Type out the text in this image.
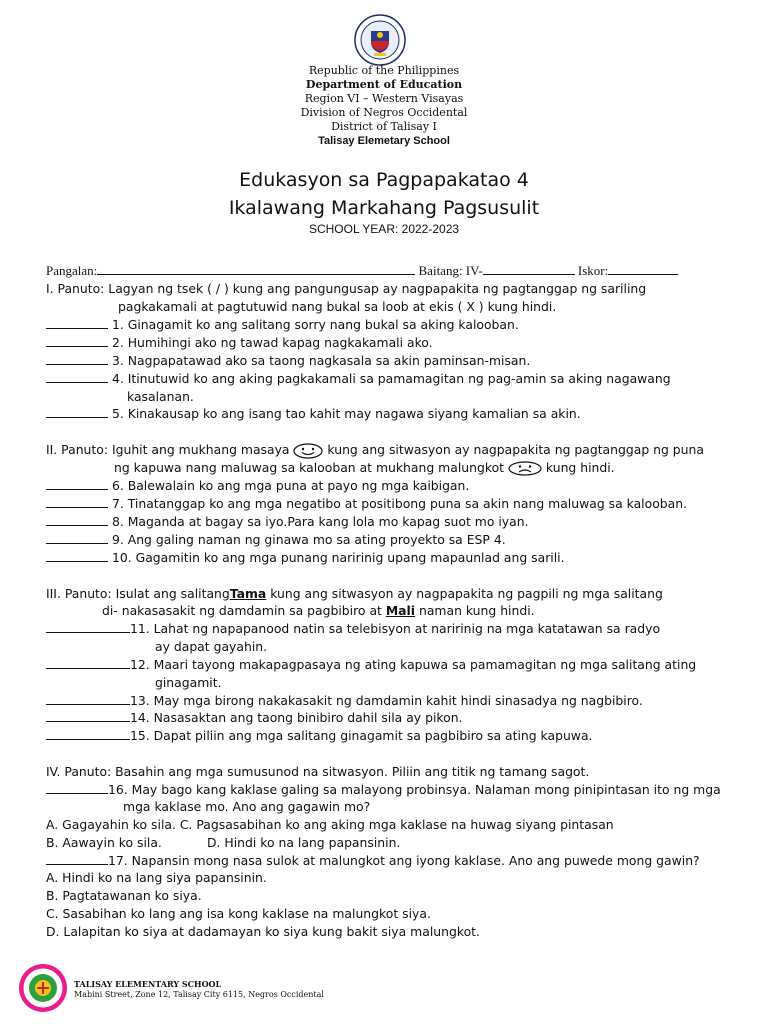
Republic of the Philippines
Department of Education
Region VI – Western Visayas
Division of Negros Occidental
District of Talisay I
Talisay Elemetary School
Edukasyon sa Pagpapakatao 4
Ikalawang Markahang Pagsusulit
SCHOOL YEAR: 2022-2023
Pangalan:	Baitang: IV-	Iskor:
I. Panuto: Lagyan ng tsek ( / ) kung ang pangungusap ay nagpapakita ng pagtanggap ng sariling
pagkakamali at pagtutuwid nang bukal sa loob at ekis ( X ) kung hindi.
1. Ginagamit ko ang salitang sorry nang bukal sa aking kalooban.
2. Humihingi ako ng tawad kapag nagkakamali ako.
3. Nagpapatawad ako sa taong nagkasala sa akin paminsan-misan.
4. Itinutuwid ko ang aking pagkakamali sa pamamagitan ng pag-amin sa aking nagawang
kasalanan.
5. Kinakausap ko ang isang tao kahit may nagawa siyang kamalian sa akin.
II. Panuto: Iguhit ang mukhang masaya	kung ang sitwasyon ay nagpapakita ng pagtanggap ng puna
ng kapuwa nang maluwag sa kalooban at mukhang malungkot	kung hindi.
6. Balewalain ko ang mga puna at payo ng mga kaibigan.
7. Tinatanggap ko ang mga negatibo at positibong puna sa akin nang maluwag sa kalooban.
8. Maganda at bagay sa iyo.Para kang lola mo kapag suot mo iyan.
9. Ang galing naman ng ginawa mo sa ating proyekto sa ESP 4.
10. Gagamitin ko ang mga punang naririnig upang mapaunlad ang sarili.
III. Panuto: Isulat ang salitangTama kung ang sitwasyon ay nagpapakita ng pagpili ng mga salitang
di- nakasasakit ng damdamin sa pagbibiro at Mali naman kung hindi.
11. Lahat ng napapanood natin sa telebisyon at naririnig na mga katatawan sa radyo
ay dapat gayahin.
12. Maari tayong makapagpasaya ng ating kapuwa sa pamamagitan ng mga salitang ating
ginagamit.
13. May mga birong nakakasakit ng damdamin kahit hindi sinasadya ng nagbibiro.
14. Nasasaktan ang taong binibiro dahil sila ay pikon.
15. Dapat piliin ang mga salitang ginagamit sa pagbibiro sa ating kapuwa.
IV. Panuto: Basahin ang mga sumusunod na sitwasyon. Piliin ang titik ng tamang sagot.
16. May bago kang kaklase galing sa malayong probinsya. Nalaman mong pinipintasan ito ng mga
mga kaklase mo. Ano ang gagawin mo?
A. Gagayahin ko sila. C. Pagsasabihan ko ang aking mga kaklase na huwag siyang pintasan
B. Aawayin ko sila.	D. Hindi ko na lang papansinin.
17. Napansin mong nasa sulok at malungkot ang iyong kaklase. Ano ang puwede mong gawin?
A. Hindi ko na lang siya papansinin.
B. Pagtatawanan ko siya.
C. Sasabihan ko lang ang isa kong kaklase na malungkot siya.
D. Lalapitan ko siya at dadamayan ko siya kung bakit siya malungkot.
TALISAY ELEMENTARY SCHOOL
Mabini Street, Zone 12, Talisay City 6115, Negros Occidental
